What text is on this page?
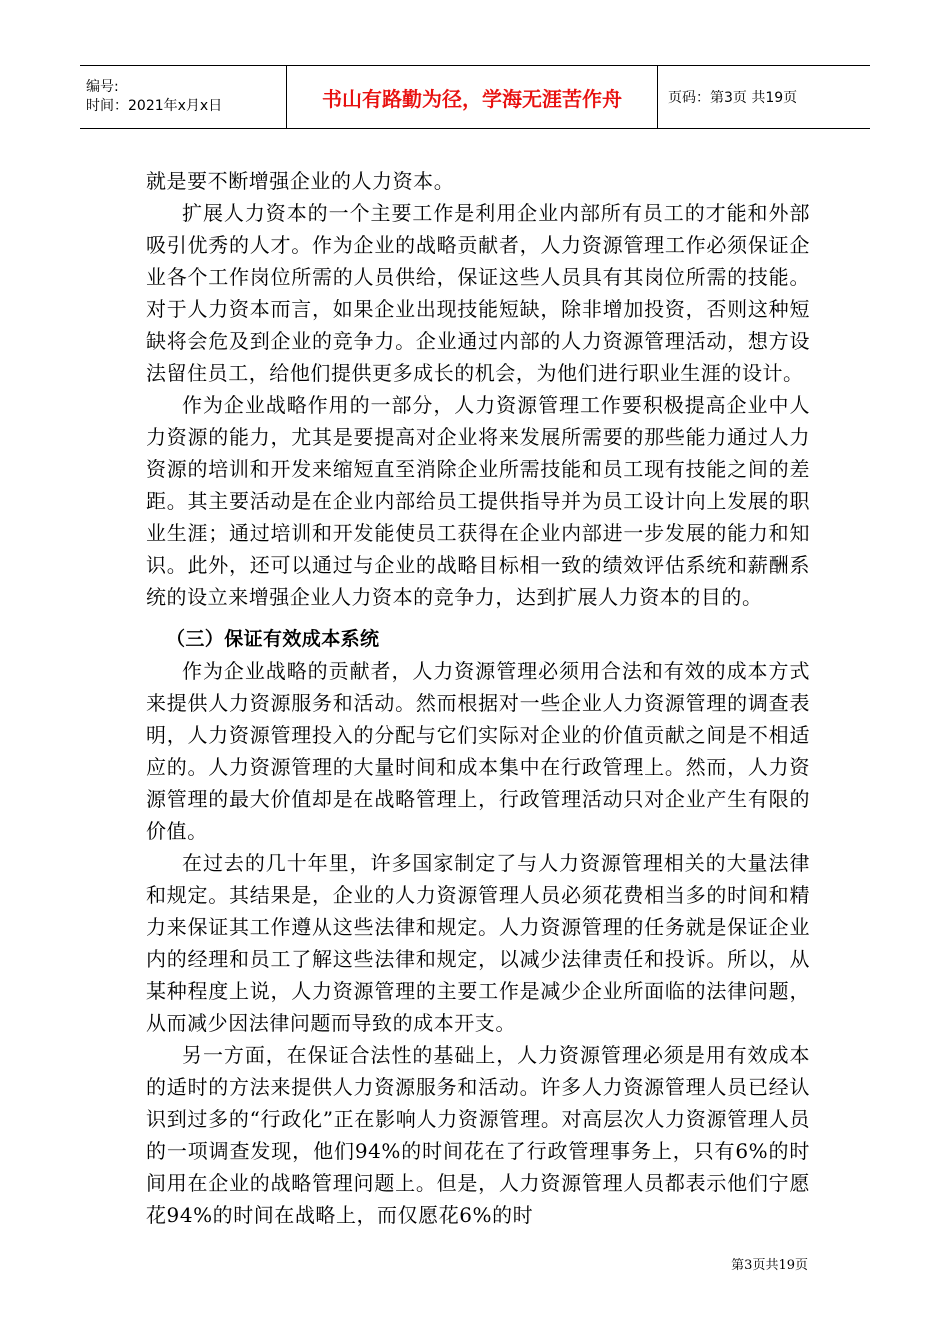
编号:
时间：2021年x月x日	书山有路勤为径，学海无涯苦作舟	页码：第3页 共19页

就是要不断增强企业的人力资本。

扩展人力资本的一个主要工作是利用企业内部所有员工的才能和外部吸引优秀的人才。作为企业的战略贡献者，人力资源管理工作必须保证企业各个工作岗位所需的人员供给，保证这些人员具有其岗位所需的技能。对于人力资本而言，如果企业出现技能短缺，除非增加投资，否则这种短缺将会危及到企业的竞争力。企业通过内部的人力资源管理活动，想方设法留住员工，给他们提供更多成长的机会，为他们进行职业生涯的设计。

作为企业战略作用的一部分，人力资源管理工作要积极提高企业中人力资源的能力，尤其是要提高对企业将来发展所需要的那些能力通过人力资源的培训和开发来缩短直至消除企业所需技能和员工现有技能之间的差距。其主要活动是在企业内部给员工提供指导并为员工设计向上发展的职业生涯；通过培训和开发能使员工获得在企业内部进一步发展的能力和知识。此外，还可以通过与企业的战略目标相一致的绩效评估系统和薪酬系统的设立来增强企业人力资本的竞争力，达到扩展人力资本的目的。

（三）保证有效成本系统

作为企业战略的贡献者，人力资源管理必须用合法和有效的成本方式来提供人力资源服务和活动。然而根据对一些企业人力资源管理的调查表明，人力资源管理投入的分配与它们实际对企业的价值贡献之间是不相适应的。人力资源管理的大量时间和成本集中在行政管理上。然而，人力资源管理的最大价值却是在战略管理上，行政管理活动只对企业产生有限的价值。

在过去的几十年里，许多国家制定了与人力资源管理相关的大量法律和规定。其结果是，企业的人力资源管理人员必须花费相当多的时间和精力来保证其工作遵从这些法律和规定。人力资源管理的任务就是保证企业内的经理和员工了解这些法律和规定，以减少法律责任和投诉。所以，从某种程度上说，人力资源管理的主要工作是减少企业所面临的法律问题，从而减少因法律问题而导致的成本开支。

另一方面，在保证合法性的基础上，人力资源管理必须是用有效成本的适时的方法来提供人力资源服务和活动。许多人力资源管理人员已经认识到过多的“行政化”正在影响人力资源管理。对高层次人力资源管理人员的一项调查发现，他们94%的时间花在了行政管理事务上，只有6%的时间用在企业的战略管理问题上。但是，人力资源管理人员都表示他们宁愿花94%的时间在战略上，而仅愿花6%的时

第3页共19页
